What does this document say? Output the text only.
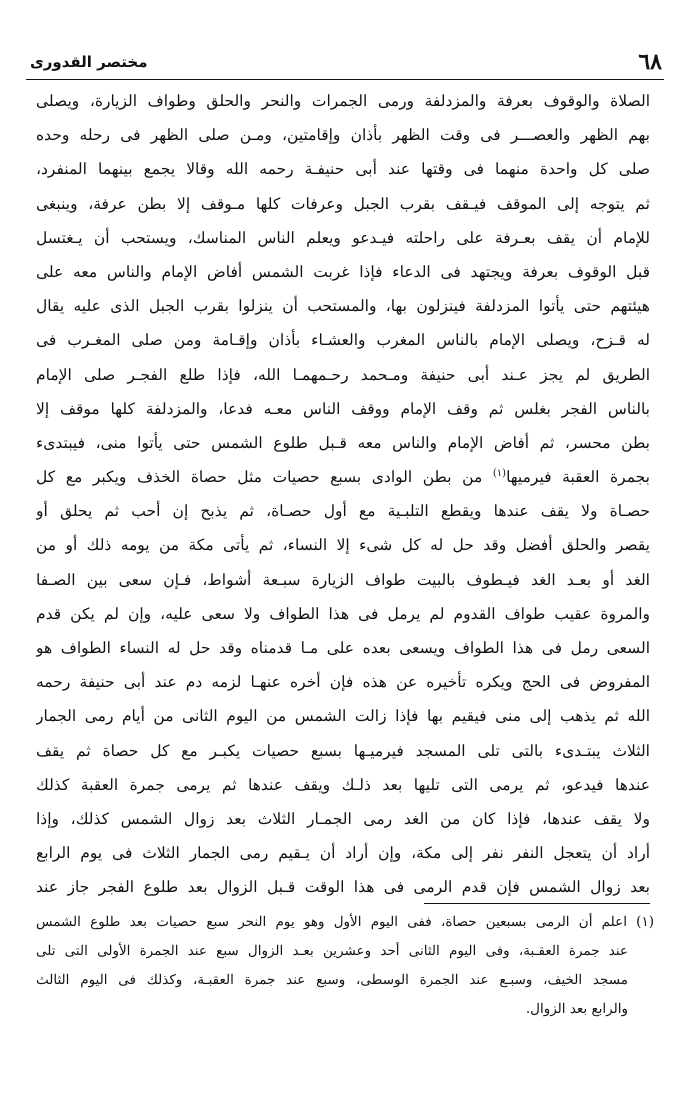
٦٨
مختصر القدورى
الصلاة والوقوف بعرفة والمزدلفة ورمى الجمرات والنحر والحلق وطواف الزيارة، ويصلى
بهم الظهر والعصـــر فى وقت الظهر بأذان وإقامتين، ومـن صلى الظهر فى رحله وحده
صلى كل واحدة منهما فى وقتها عند أبى حنيفـة رحمه الله وقالا يجمع بينهما المنفرد،
ثم يتوجه إلى الموقف فيـقف بقرب الجبل وعرفات كلها مـوقف إلا بطن عرفة، وينبغى
للإمام أن يقف بعـرفة على راحلته فيـدعو ويعلم الناس المناسك، ويستحب أن يـغتسل
قبل الوقوف بعرفة ويجتهد فى الدعاء فإذا غربت الشمس أفاض الإمام والناس معه على
هيئتهم حتى يأتوا المزدلفة فينزلون بها، والمستحب أن ينزلوا بقرب الجبل الذى عليه يقال
له قـزح، ويصلى الإمام بالناس المغرب والعشـاء بأذان وإقـامة ومن صلى المغـرب فى
الطريق لم يجز عـند أبى حنيفة ومـحمد رحـمهمـا الله، فإذا طلع الفجـر صلى الإمام
بالناس الفجر بغلس ثم وقف الإمام ووقف الناس معـه فدعا، والمزدلفة كلها موقف إلا
بطن محسر، ثم أفاض الإمام والناس معه قـبل طلوع الشمس حتى يأتوا منى، فيبتدىء
بجمرة العقبة فيرميها$^{(١)}$ من بطن الوادى بسبع حصيات مثل حصاة الخذف ويكبر مع كل
حصـاة ولا يقف عندها ويقطع التلبـية مع أول حصـاة، ثم يذبح إن أحب ثم يحلق أو
يقصر والحلق أفضل وقد حل له كل شىء إلا النساء، ثم يأتى مكة من يومه ذلك أو من
الغد أو بعـد الغد فيـطوف بالبيت طواف الزيارة سبـعة أشواط، فـإن سعى بين الصـفا
والمروة عقيب طواف القدوم لم يرمل فى هذا الطواف ولا سعى عليه، وإن لم يكن قدم
السعى رمل فى هذا الطواف ويسعى بعده على مـا قدمناه وقد حل له النساء الطواف هو
المفروض فى الحج ويكره تأخيره عن هذه فإن أخره عنهـا لزمه دم عند أبى حنيفة رحمه
الله ثم يذهب إلى منى فيقيم بها فإذا زالت الشمس من اليوم الثانى من أيام رمى الجمار
الثلاث يبتـدىء بالتى تلى المسجد فيرميـها بسبع حصيات يكبـر مع كل حصاة ثم يقف
عندها فيدعو، ثم يرمى التى تليها بعد ذلـك ويقف عندها ثم يرمى جمرة العقبة كذلك
ولا يقف عندها، فإذا كان من الغد رمى الجمـار الثلاث بعد زوال الشمس كذلك، وإذا
أراد أن يتعجل النفر نفر إلى مكة، وإن أراد أن يـقيم رمى الجمار الثلاث فى يوم الرابع
بعد زوال الشمس فإن قدم الرمى فى هذا الوقت قـبل الزوال بعد طلوع الفجر جاز عند
(١) اعلم أن الرمى بسبعين حصاة، ففى اليوم الأول وهو يوم النحر سبع حصيات بعد طلوع الشمس
عند جمرة العقـبة، وفى اليوم الثانى أحد وعشرين بعـد الزوال سبع عند الجمرة الأولى التى تلى
مسجد الخيف، وسبـع عند الجمرة الوسطى، وسبع عند جمرة العقبـة، وكذلك فى اليوم الثالث
والرابع بعد الزوال.
